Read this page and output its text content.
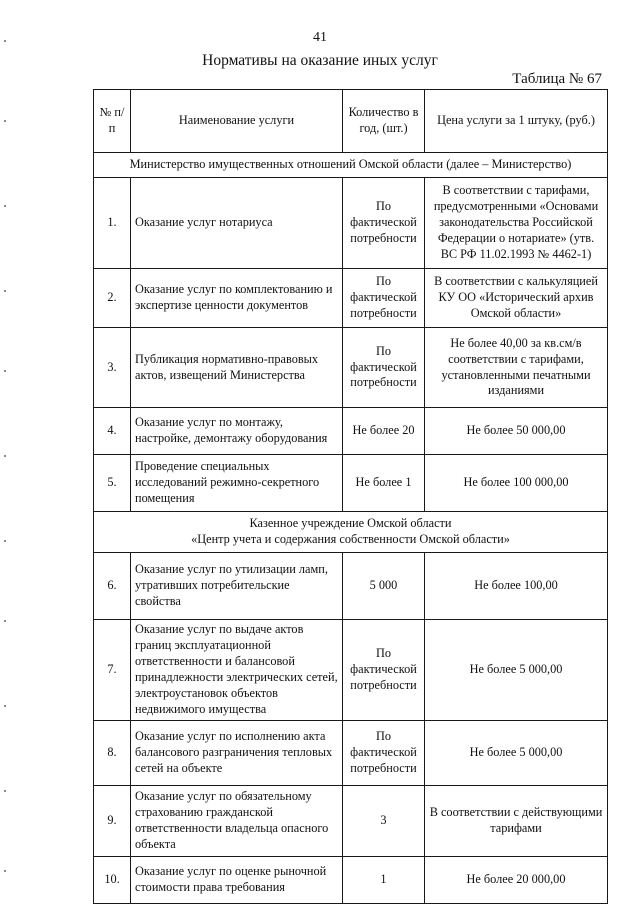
41
Нормативы на оказание иных услуг
Таблица № 67
№ п/п	Наименование услуги	Количество в год, (шт.)	Цена услуги за 1 штуку, (руб.)
Министерство имущественных отношений Омской области (далее – Министерство)			
1.	Оказание услуг нотариуса	По фактической потребности	В соответствии с тарифами, предусмотренными «Основами законодательства Российской Федерации о нотариате» (утв. ВС РФ 11.02.1993 № 4462-1)
2.	Оказание услуг по комплектованию и экспертизе ценности документов	По фактической потребности	В соответствии с калькуляцией КУ ОО «Исторический архив Омской области»
3.	Публикация нормативно-правовых актов, извещений Министерства	По фактической потребности	Не более 40,00 за кв.см/в соответствии с тарифами, установленными печатными изданиями
4.	Оказание услуг по монтажу, настройке, демонтажу оборудования	Не более 20	Не более 50 000,00
5.	Проведение специальных исследований режимно-секретного помещения	Не более 1	Не более 100 000,00

Казенное учреждение Омской области
«Центр учета и содержания собственности Омской области»			

6.	Оказание услуг по утилизации ламп, утративших потребительские свойства	5 000	Не более 100,00
7.	Оказание услуг по выдаче актов границ эксплуатационной ответственности и балансовой принадлежности электрических сетей, электроустановок объектов недвижимого имущества	По фактической потребности	Не более 5 000,00
8.	Оказание услуг по исполнению акта балансового разграничения тепловых сетей на объекте	По фактической потребности	Не более 5 000,00
9.	Оказание услуг по обязательному страхованию гражданской ответственности владельца опасного объекта	3	В соответствии с действующими тарифами
10.	Оказание услуг по оценке рыночной стоимости права требования	1	Не более 20 000,00
